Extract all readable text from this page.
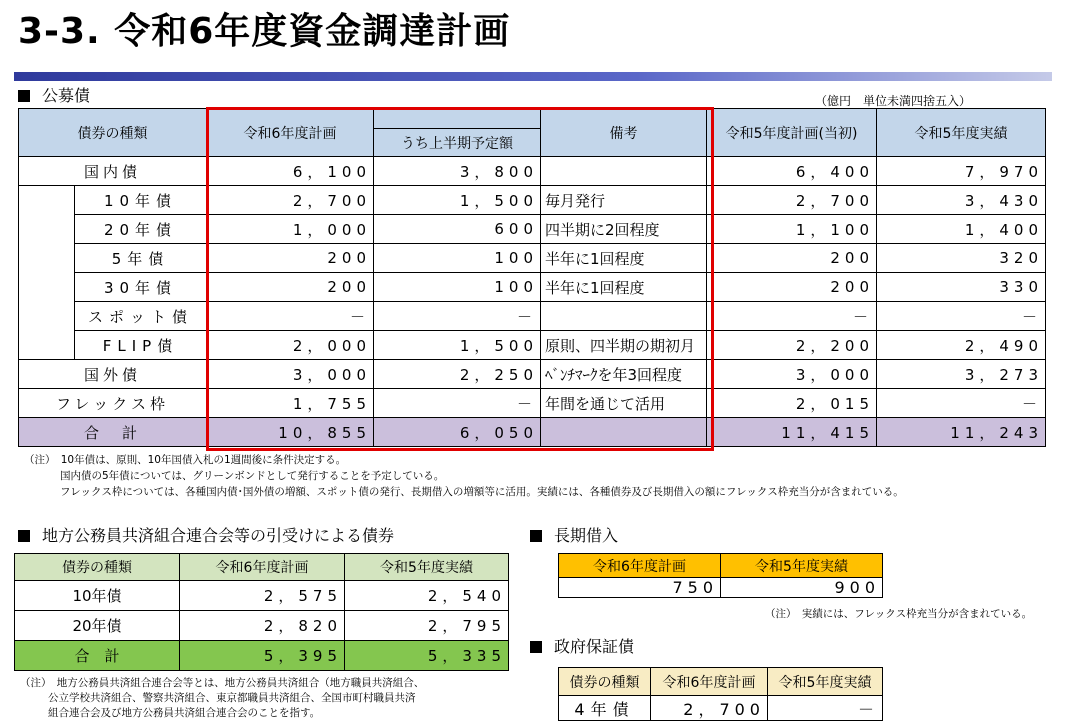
3-3. 令和6年度資金調達計画
公募債	（億円　単位未満四捨五入）
債券の種類		令和6年度計画		備考	令和5年度計画(当初)	令和5年度実績
			うち上半期予定額			
国内債		6，100	3，800		6，400	7，970
	10年債	2，700	1，500	毎月発行	2，700	3，430
	20年債	1，000	600	四半期に2回程度	1，100	1，400
	5年債	200	100	半年に1回程度	200	320
	30年債	200	100	半年に1回程度	200	330
	スポット債	－	－		－	－
	FLIP債	2，000	1，500	原則、四半期の期初月	2，200	2，490
国外債		3，000	2，250	ﾍﾞﾝﾁﾏｰｸを年3回程度	3，000	3，273
フレックス枠		1，755	－	年間を通じて活用	2，015	－
合　計		10，855	6，050		11，415	11，243
（注）　10年債は、原則、10年国債入札の1週間後に条件決定する。
国内債の5年債については、グリーンボンドとして発行することを予定している。
フレックス枠については、各種国内債･国外債の増額、スポット債の発行、長期借入の増額等に活用。実績には、各種債券及び長期借入の額にフレックス枠充当分が含まれている。
地方公務員共済組合連合会等の引受けによる債券
債券の種類	令和6年度計画	令和5年度実績
10年債	2，575	2，540
20年債	2，820	2，795
合　計	5，395	5，335
（注）　地方公務員共済組合連合会等とは、地方公務員共済組合（地方職員共済組合、
公立学校共済組合、警察共済組合、東京都職員共済組合、全国市町村職員共済
組合連合会及び地方公務員共済組合連合会のことを指す。
長期借入
令和6年度計画	令和5年度実績
750	900
（注）　実績には、フレックス枠充当分が含まれている。
政府保証債
債券の種類	令和6年度計画	令和5年度実績
4年債	2，700	－
